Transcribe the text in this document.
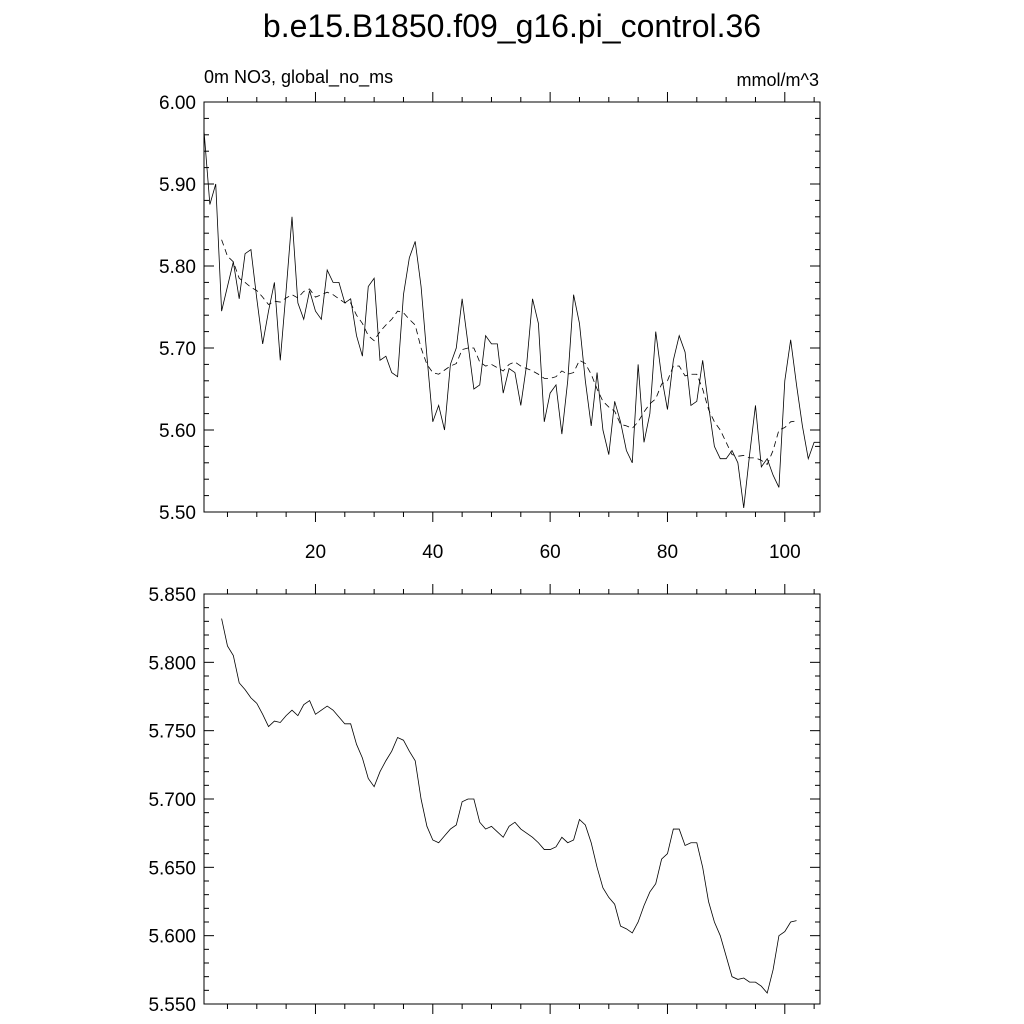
b.e15.B1850.f09_g16.pi_control.36
0m NO3, global_no_ms	mmol/m^3
5.50
5.60
5.70
5.80
5.90
6.00
20	40	60	80	100
5.550
5.600
5.650
5.700
5.750
5.800
5.850
